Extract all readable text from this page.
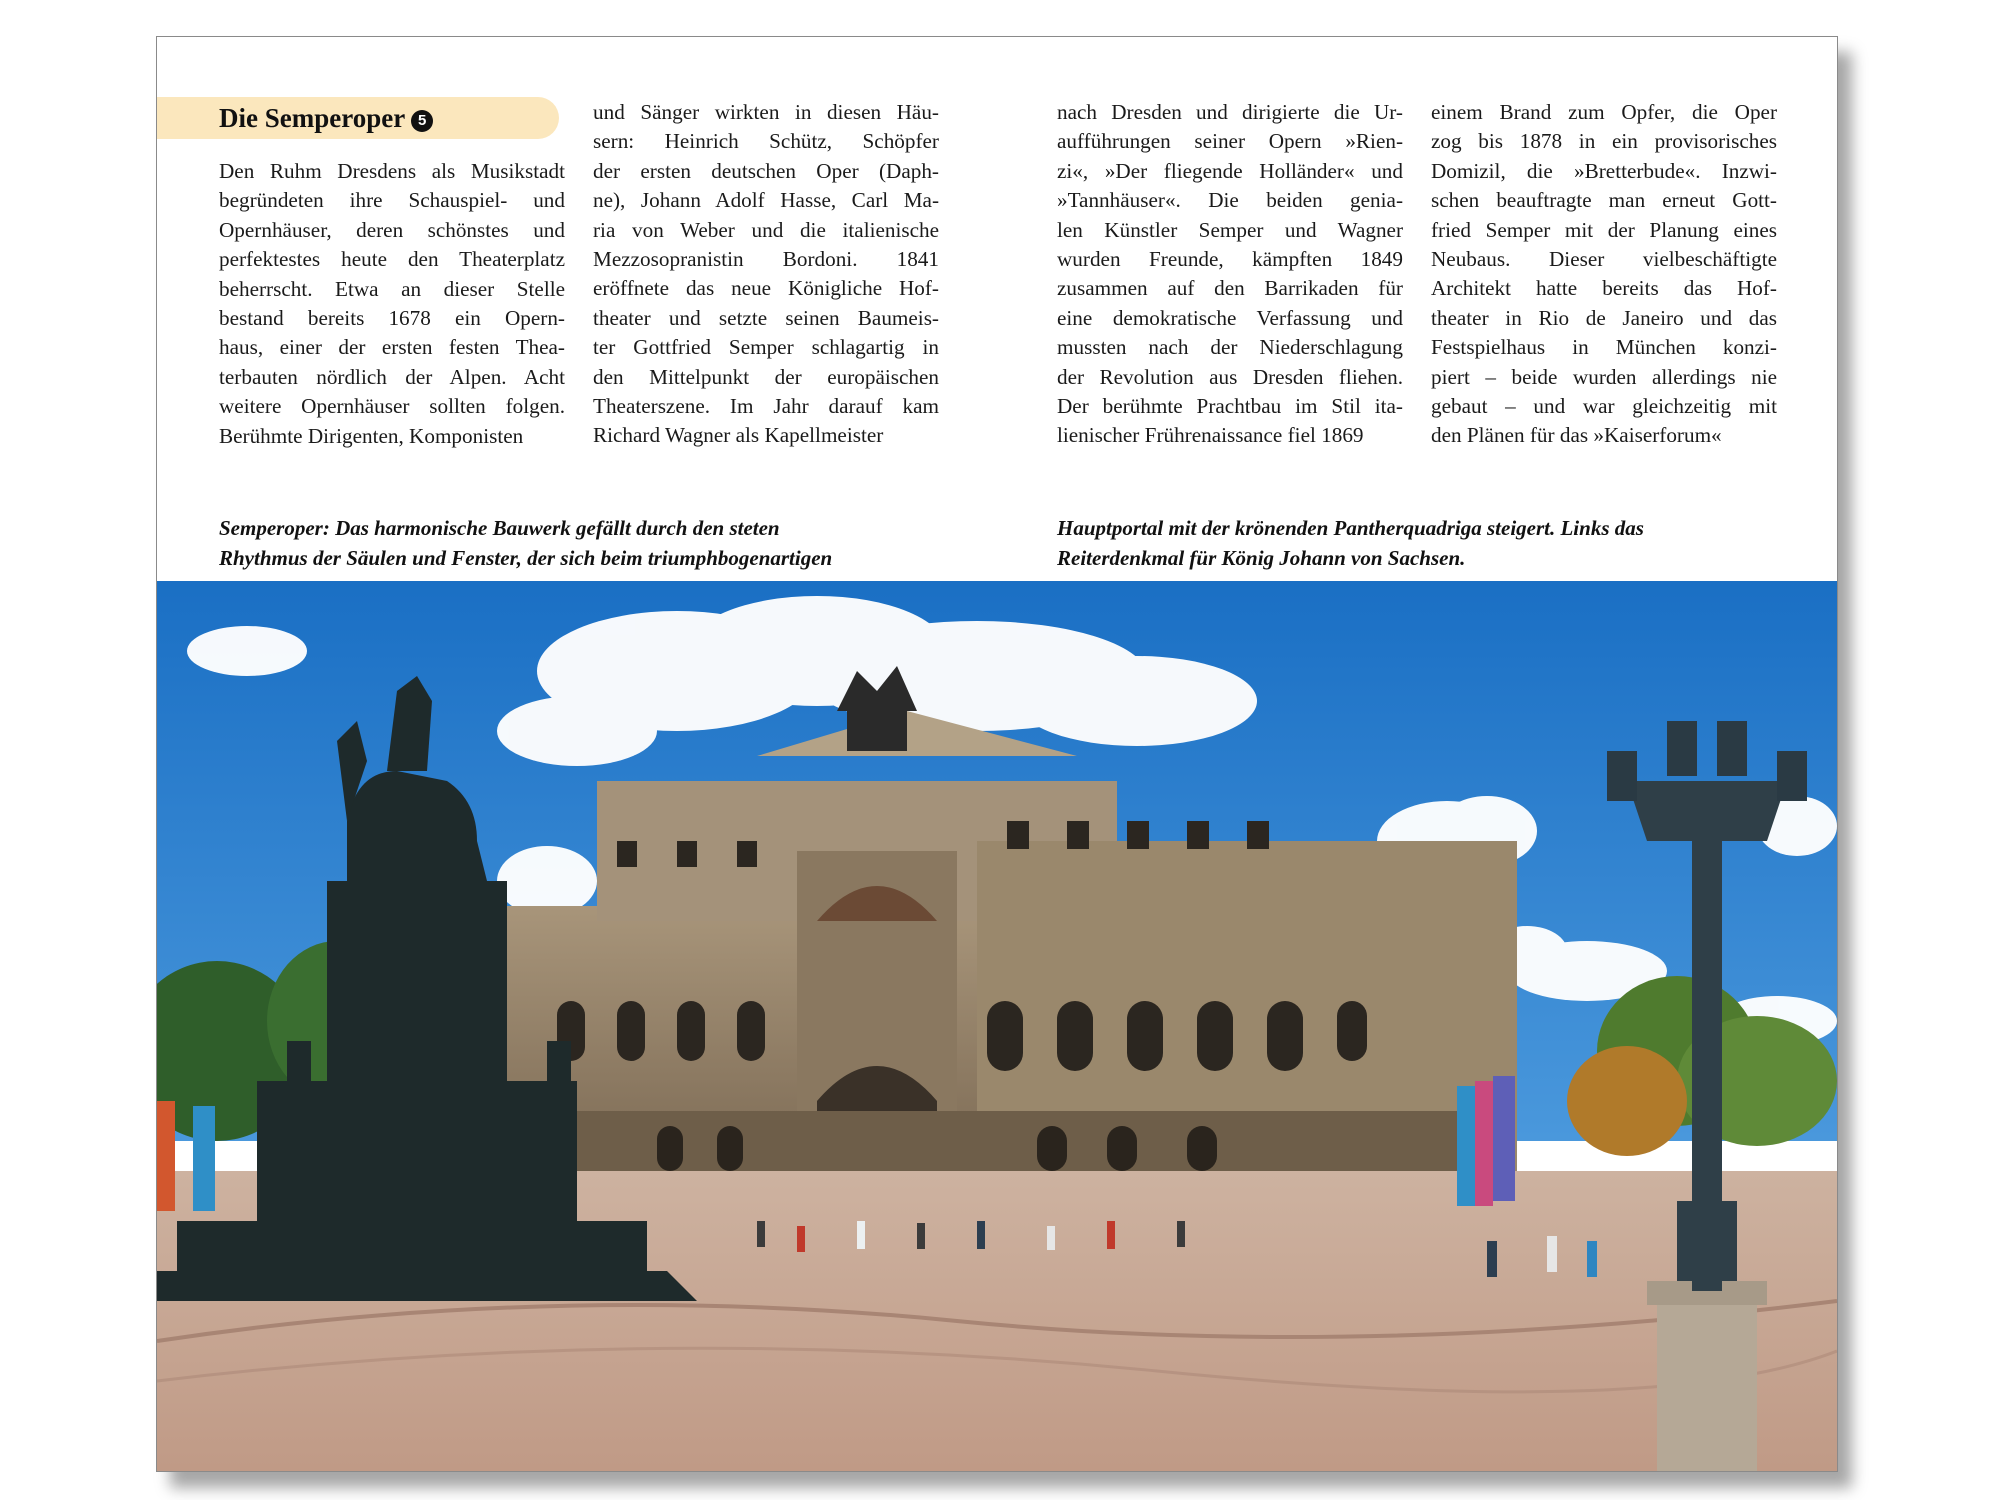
Die Semperoper 5
Den Ruhm Dresdens als Musikstadt
begründeten ihre Schauspiel- und
Opernhäuser, deren schönstes und
perfektestes heute den Theaterplatz
beherrscht. Etwa an dieser Stelle
bestand bereits 1678 ein Opern-
haus, einer der ersten festen Thea-
terbauten nördlich der Alpen. Acht
weitere Opernhäuser sollten folgen.
Berühmte Dirigenten, Komponisten
und Sänger wirkten in diesen Häu-
sern: Heinrich Schütz, Schöpfer
der ersten deutschen Oper (Daph-
ne), Johann Adolf Hasse, Carl Ma-
ria von Weber und die italienische
Mezzosopranistin Bordoni. 1841
eröffnete das neue Königliche Hof-
theater und setzte seinen Baumeis-
ter Gottfried Semper schlagartig in
den Mittelpunkt der europäischen
Theaterszene. Im Jahr darauf kam
Richard Wagner als Kapellmeister
nach Dresden und dirigierte die Ur-
aufführungen seiner Opern »Rien-
zi«, »Der fliegende Holländer« und
»Tannhäuser«. Die beiden genia-
len Künstler Semper und Wagner
wurden Freunde, kämpften 1849
zusammen auf den Barrikaden für
eine demokratische Verfassung und
mussten nach der Niederschlagung
der Revolution aus Dresden fliehen.
Der berühmte Prachtbau im Stil ita-
lienischer Frührenaissance fiel 1869
einem Brand zum Opfer, die Oper
zog bis 1878 in ein provisorisches
Domizil, die »Bretterbude«. Inzwi-
schen beauftragte man erneut Gott-
fried Semper mit der Planung eines
Neubaus. Dieser vielbeschäftigte
Architekt hatte bereits das Hof-
theater in Rio de Janeiro und das
Festspielhaus in München konzi-
piert – beide wurden allerdings nie
gebaut – und war gleichzeitig mit
den Plänen für das »Kaiserforum«
Semperoper: Das harmonische Bauwerk gefällt durch den steten
Rhythmus der Säulen und Fenster, der sich beim triumphbogenartigen
Hauptportal mit der krönenden Pantherquadriga steigert. Links das
Reiterdenkmal für König Johann von Sachsen.
